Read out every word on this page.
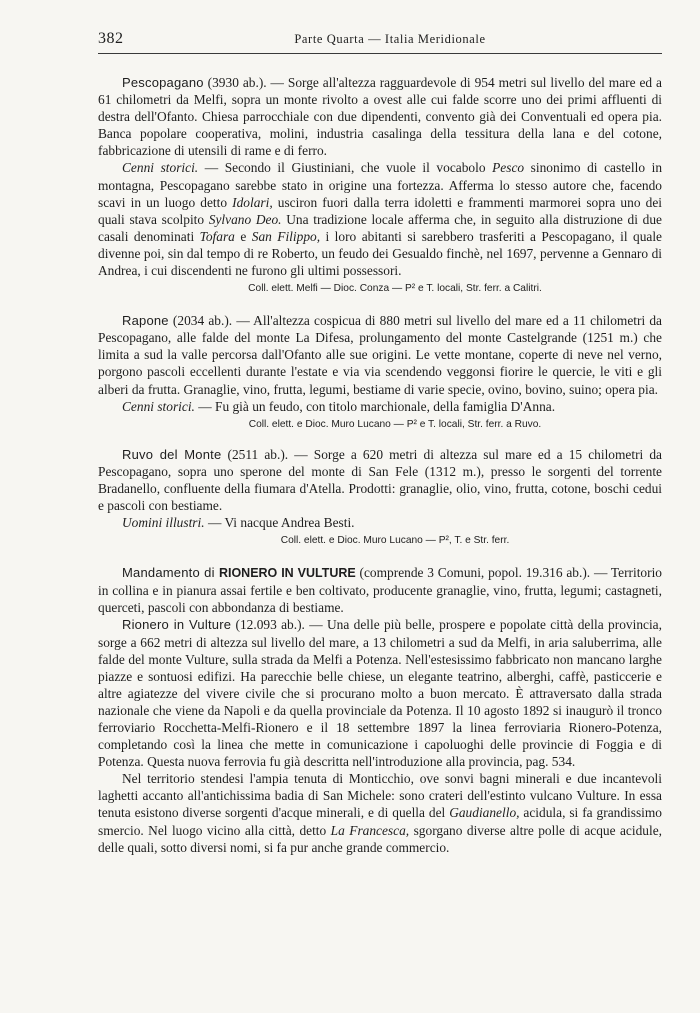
382	Parte Quarta — Italia Meridionale

Pescopagano (3930 ab.). — Sorge all'altezza ragguardevole di 954 metri sul livello del mare ed a 61 chilometri da Melfi, sopra un monte rivolto a ovest alle cui falde scorre uno dei primi affluenti di destra dell'Ofanto. Chiesa parrocchiale con due dipendenti, convento già dei Conventuali ed opera pia. Banca popolare cooperativa, molini, industria casalinga della tessitura della lana e del cotone, fabbricazione di utensili di rame e di ferro.

Cenni storici. — Secondo il Giustiniani, che vuole il vocabolo Pesco sinonimo di castello in montagna, Pescopagano sarebbe stato in origine una fortezza. Afferma lo stesso autore che, facendo scavi in un luogo detto Idolari, usciron fuori dalla terra idoletti e frammenti marmorei sopra uno dei quali stava scolpito Sylvano Deo. Una tradizione locale afferma che, in seguito alla distruzione di due casali denominati Tofara e San Filippo, i loro abitanti si sarebbero trasferiti a Pescopagano, il quale divenne poi, sin dal tempo di re Roberto, un feudo dei Gesualdo finchè, nel 1697, pervenne a Gennaro di Andrea, i cui discendenti ne furono gli ultimi possessori.

Coll. elett. Melfi — Dioc. Conza — P² e T. locali, Str. ferr. a Calitri.

Rapone (2034 ab.). — All'altezza cospicua di 880 metri sul livello del mare ed a 11 chilometri da Pescopagano, alle falde del monte La Difesa, prolungamento del monte Castelgrande (1251 m.) che limita a sud la valle percorsa dall'Ofanto alle sue origini. Le vette montane, coperte di neve nel verno, porgono pascoli eccellenti durante l'estate e via via scendendo veggonsi fiorire le quercie, le viti e gli alberi da frutta. Granaglie, vino, frutta, legumi, bestiame di varie specie, ovino, bovino, suino; opera pia.

Cenni storici. — Fu già un feudo, con titolo marchionale, della famiglia D'Anna.

Coll. elett. e Dioc. Muro Lucano — P² e T. locali, Str. ferr. a Ruvo.

Ruvo del Monte (2511 ab.). — Sorge a 620 metri di altezza sul mare ed a 15 chilometri da Pescopagano, sopra uno sperone del monte di San Fele (1312 m.), presso le sorgenti del torrente Bradanello, confluente della fiumara d'Atella. Prodotti: granaglie, olio, vino, frutta, cotone, boschi cedui e pascoli con bestiame.

Uomini illustri. — Vi nacque Andrea Besti.

Coll. elett. e Dioc. Muro Lucano — P², T. e Str. ferr.

Mandamento di RIONERO IN VULTURE (comprende 3 Comuni, popol. 19.316 ab.). — Territorio in collina e in pianura assai fertile e ben coltivato, producente granaglie, vino, frutta, legumi; castagneti, querceti, pascoli con abbondanza di bestiame.

Rionero in Vulture (12.093 ab.). — Una delle più belle, prospere e popolate città della provincia, sorge a 662 metri di altezza sul livello del mare, a 13 chilometri a sud da Melfi, in aria saluberrima, alle falde del monte Vulture, sulla strada da Melfi a Potenza. Nell'estesissimo fabbricato non mancano larghe piazze e sontuosi edifizi. Ha parecchie belle chiese, un elegante teatrino, alberghi, caffè, pasticcerie e altre agiatezze del vivere civile che si procurano molto a buon mercato. È attraversato dalla strada nazionale che viene da Napoli e da quella provinciale da Potenza. Il 10 agosto 1892 si inaugurò il tronco ferroviario Rocchetta-Melfi-Rionero e il 18 settembre 1897 la linea ferroviaria Rionero-Potenza, completando così la linea che mette in comunicazione i capoluoghi delle provincie di Foggia e di Potenza. Questa nuova ferrovia fu già descritta nell'introduzione alla provincia, pag. 534.

Nel territorio stendesi l'ampia tenuta di Monticchio, ove sonvi bagni minerali e due incantevoli laghetti accanto all'antichissima badia di San Michele: sono crateri dell'estinto vulcano Vulture. In essa tenuta esistono diverse sorgenti d'acque minerali, e di quella del Gaudianello, acidula, si fa grandissimo smercio. Nel luogo vicino alla città, detto La Francesca, sgorgano diverse altre polle di acque acidule, delle quali, sotto diversi nomi, si fa pur anche grande commercio.
